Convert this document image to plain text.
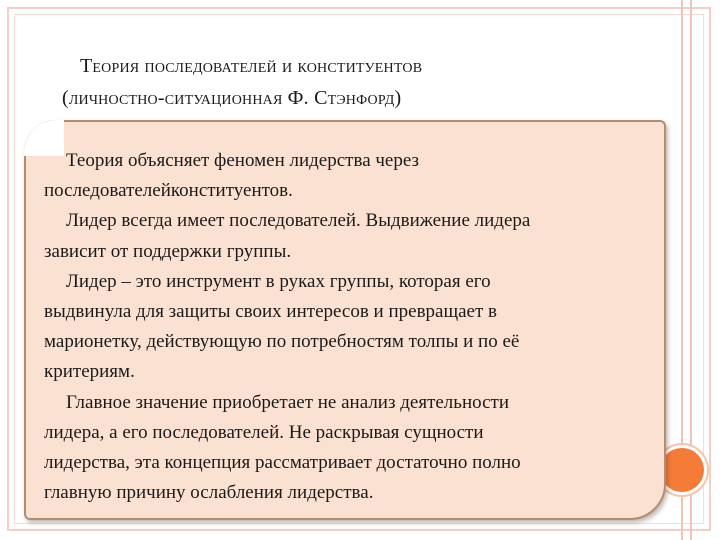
Теория последователей и конституентов
(личностно-ситуационная Ф. Стэнфорд)
Теория объясняет феномен лидерства через
последователейконституентов.
Лидер всегда имеет последователей. Выдвижение лидера
зависит от поддержки группы.
Лидер – это инструмент в руках группы, которая его
выдвинула для защиты своих интересов и превращает в
марионетку, действующую по потребностям толпы и по её
критериям.
Главное значение приобретает не анализ деятельности
лидера, а его последователей. Не раскрывая сущности
лидерства, эта концепция рассматривает достаточно полно
главную причину ослабления лидерства.
